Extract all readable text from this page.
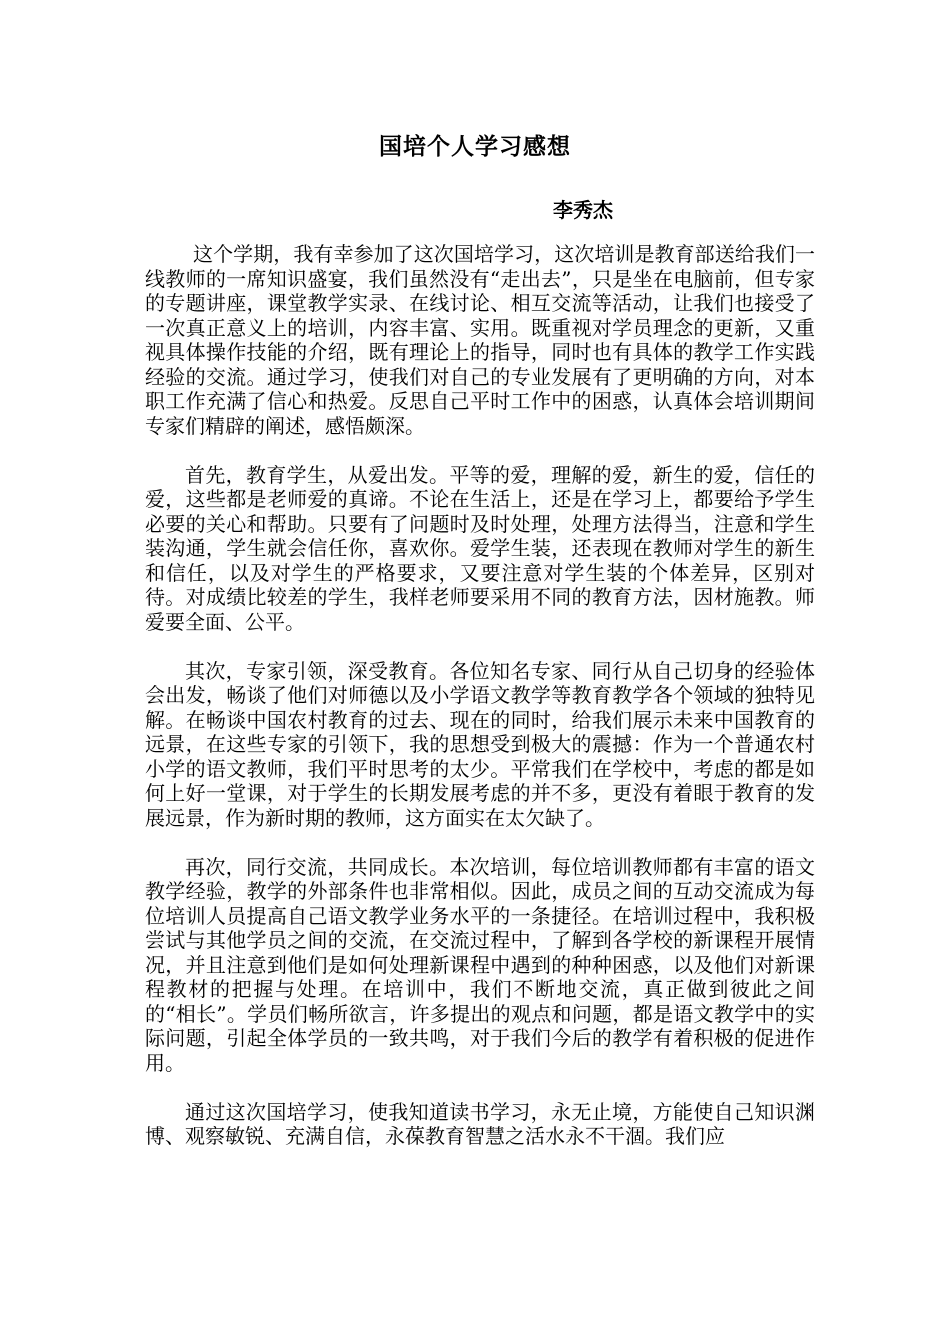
国培个人学习感想
李秀杰

这个学期，我有幸参加了这次国培学习，这次培训是教育部送给我们一线教师的一席知识盛宴，我们虽然没有“走出去”，只是坐在电脑前，但专家的专题讲座，课堂教学实录、在线讨论、相互交流等活动，让我们也接受了一次真正意义上的培训，内容丰富、实用。既重视对学员理念的更新，又重视具体操作技能的介绍，既有理论上的指导，同时也有具体的教学工作实践经验的交流。通过学习，使我们对自己的专业发展有了更明确的方向，对本职工作充满了信心和热爱。反思自己平时工作中的困惑，认真体会培训期间专家们精辟的阐述，感悟颇深。

首先，教育学生，从爱出发。平等的爱，理解的爱，新生的爱，信任的爱，这些都是老师爱的真谛。不论在生活上，还是在学习上，都要给予学生必要的关心和帮助。只要有了问题时及时处理，处理方法得当，注意和学生装沟通，学生就会信任你，喜欢你。爱学生装，还表现在教师对学生的新生和信任，以及对学生的严格要求，又要注意对学生装的个体差异，区别对待。对成绩比较差的学生，我样老师要采用不同的教育方法，因材施教。师爱要全面、公平。

其次，专家引领，深受教育。各位知名专家、同行从自己切身的经验体会出发，畅谈了他们对师德以及小学语文教学等教育教学各个领域的独特见解。在畅谈中国农村教育的过去、现在的同时，给我们展示未来中国教育的远景，在这些专家的引领下，我的思想受到极大的震撼：作为一个普通农村小学的语文教师，我们平时思考的太少。平常我们在学校中，考虑的都是如何上好一堂课，对于学生的长期发展考虑的并不多，更没有着眼于教育的发展远景，作为新时期的教师，这方面实在太欠缺了。

再次，同行交流，共同成长。本次培训，每位培训教师都有丰富的语文教学经验，教学的外部条件也非常相似。因此，成员之间的互动交流成为每位培训人员提高自己语文教学业务水平的一条捷径。在培训过程中，我积极尝试与其他学员之间的交流，在交流过程中，了解到各学校的新课程开展情况，并且注意到他们是如何处理新课程中遇到的种种困惑，以及他们对新课程教材的把握与处理。在培训中，我们不断地交流，真正做到彼此之间的“相长”。学员们畅所欲言，许多提出的观点和问题，都是语文教学中的实际问题，引起全体学员的一致共鸣，对于我们今后的教学有着积极的促进作用。

通过这次国培学习，使我知道读书学习，永无止境，方能使自己知识渊博、观察敏锐、充满自信，永葆教育智慧之活水永不干涸。我们应
